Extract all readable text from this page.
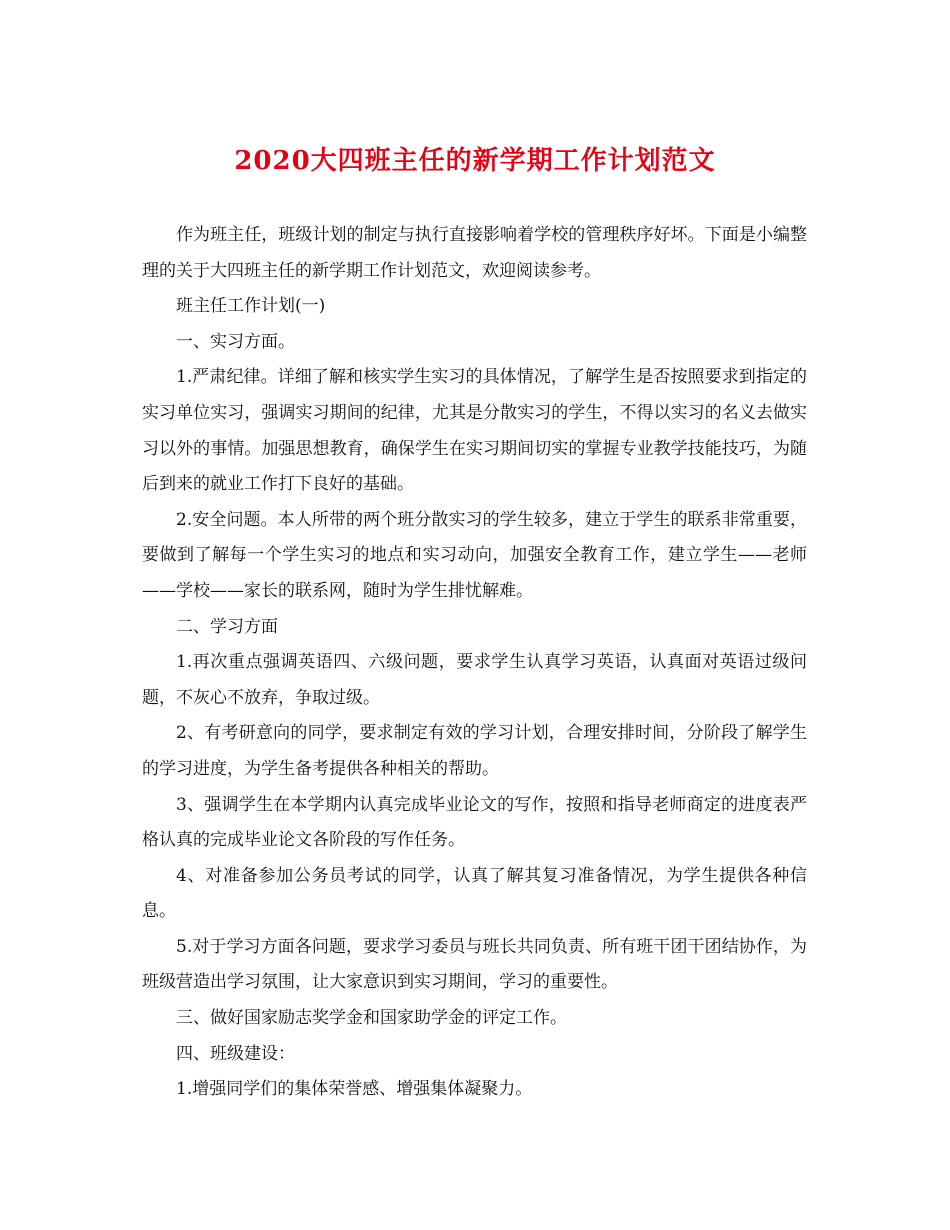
2020大四班主任的新学期工作计划范文

作为班主任，班级计划的制定与执行直接影响着学校的管理秩序好坏。下面是小编整理的关于大四班主任的新学期工作计划范文，欢迎阅读参考。

班主任工作计划(一)

一、实习方面。

1.严肃纪律。详细了解和核实学生实习的具体情况，了解学生是否按照要求到指定的实习单位实习，强调实习期间的纪律，尤其是分散实习的学生，不得以实习的名义去做实习以外的事情。加强思想教育，确保学生在实习期间切实的掌握专业教学技能技巧，为随后到来的就业工作打下良好的基础。

2.安全问题。本人所带的两个班分散实习的学生较多，建立于学生的联系非常重要，要做到了解每一个学生实习的地点和实习动向，加强安全教育工作，建立学生——老师——学校——家长的联系网，随时为学生排忧解难。

二、学习方面

1.再次重点强调英语四、六级问题，要求学生认真学习英语，认真面对英语过级问题，不灰心不放弃，争取过级。

2、有考研意向的同学，要求制定有效的学习计划，合理安排时间，分阶段了解学生的学习进度，为学生备考提供各种相关的帮助。

3、强调学生在本学期内认真完成毕业论文的写作，按照和指导老师商定的进度表严格认真的完成毕业论文各阶段的写作任务。

4、对准备参加公务员考试的同学，认真了解其复习准备情况，为学生提供各种信息。

5.对于学习方面各问题，要求学习委员与班长共同负责、所有班干团干团结协作，为班级营造出学习氛围，让大家意识到实习期间，学习的重要性。

三、做好国家励志奖学金和国家助学金的评定工作。

四、班级建设：

1.增强同学们的集体荣誉感、增强集体凝聚力。
